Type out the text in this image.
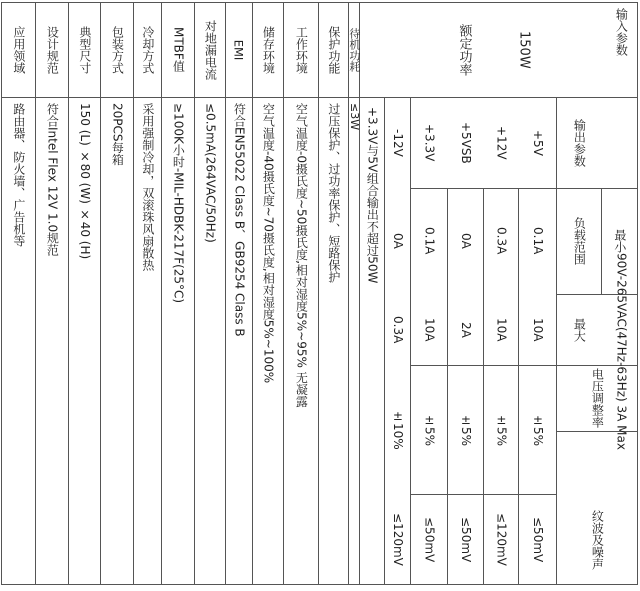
额定功率	150W	输入参数
90V-265VAC(47Hz-63Hz) 3A Max
输出参数
负载范围 最小
最大
电压调整率
纹波及噪声
+5V
0.1A
10A
±5%
≤50mV
+12V
0.3A
10A
±5%
≤120mV
+5VSB
0A
2A
±5%
≤50mV
+3.3V
0.1A
10A
±5%
≤50mV
-12V
0A
0.3A
±10%
≤120mV
+3.3V与5V组合输出不超过50W
待机功耗
≤3W
保护功能
过压保护、过功率保护、短路保护
工作环境
空气温度-0摄氏度~50摄氏度,相对湿度5%~95% 无凝露
储存环境
空气温度-40摄氏度~70摄氏度,相对湿度5%~100%
EMI
符合EN55022 Class B、GB9254 Class B
对地漏电流
≤0.5mA(264VAC/50Hz)
MTBF值
≥100K小时-MIL-HDBK-217F(25°C)
冷却方式
采用强制冷却，双滚珠风扇散热
包装方式
20PCS每箱
典型尺寸
150 (L) ×80 (W) ×40 (H)
设计规范
符合Intel Flex 12V 1.0规范
应用领域
路由器、防火墙、广告机等
